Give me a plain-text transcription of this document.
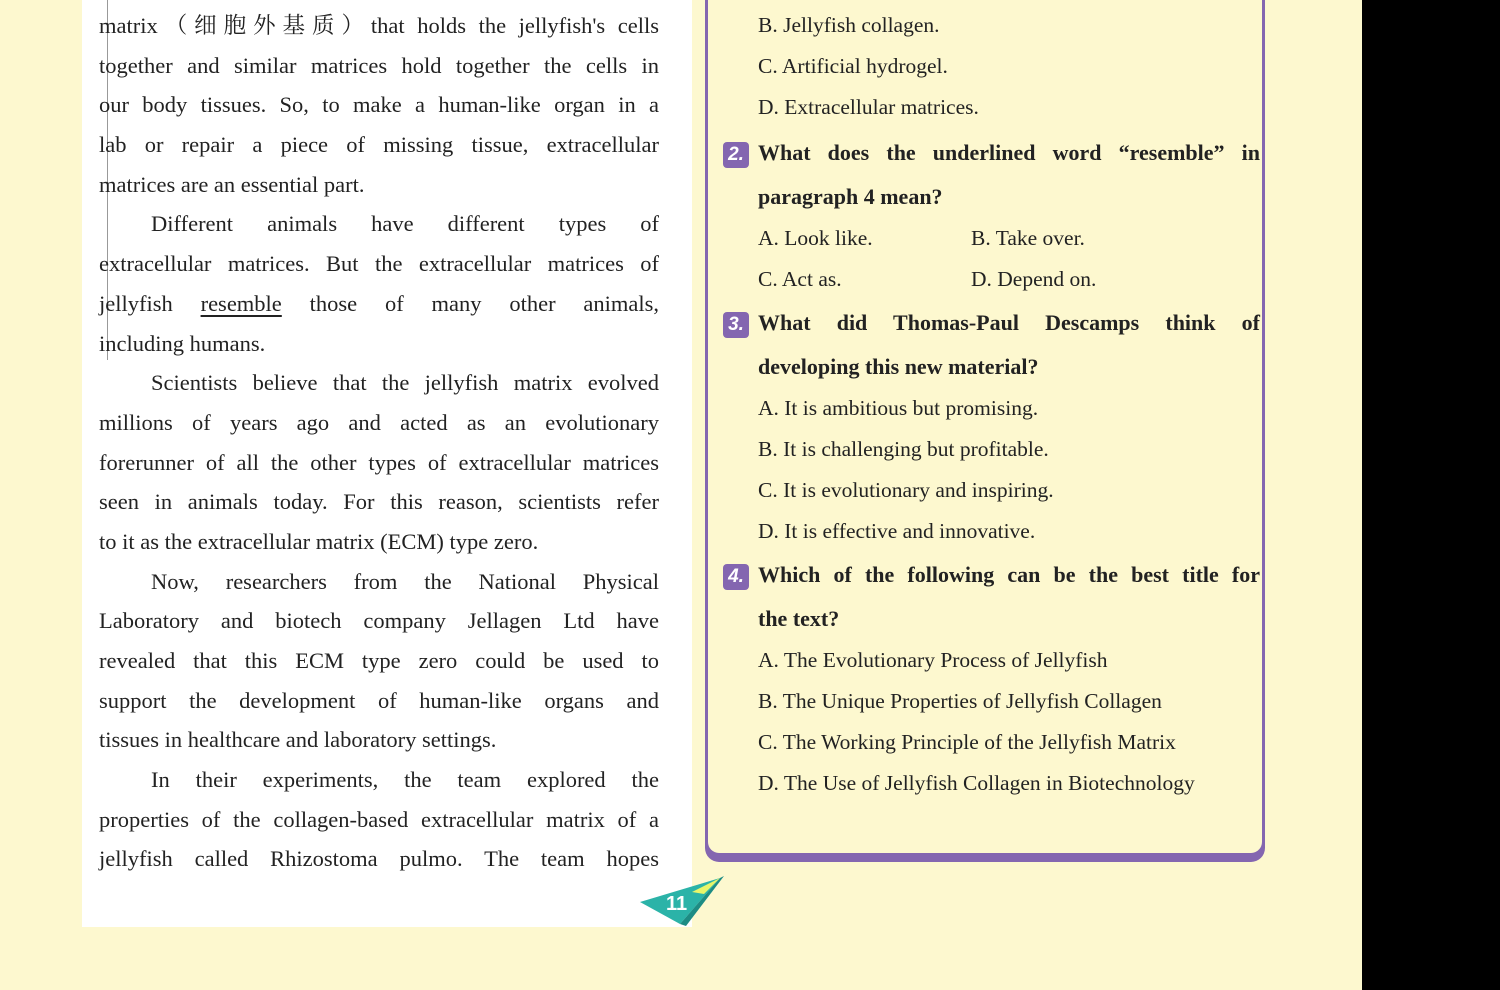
matrix（细胞外基质）that holds the jellyfish's cells
together and similar matrices hold together the cells in
our body tissues. So, to make a human-like organ in a
lab or repair a piece of missing tissue, extracellular
matrices are an essential part.
Different animals have different types of
extracellular matrices. But the extracellular matrices of
jellyfish resemble those of many other animals,
including humans.
Scientists believe that the jellyfish matrix evolved
millions of years ago and acted as an evolutionary
forerunner of all the other types of extracellular matrices
seen in animals today. For this reason, scientists refer
to it as the extracellular matrix (ECM) type zero.
Now, researchers from the National Physical
Laboratory and biotech company Jellagen Ltd have
revealed that this ECM type zero could be used to
support the development of human-like organs and
tissues in healthcare and laboratory settings.
In their experiments, the team explored the
properties of the collagen-based extracellular matrix of a
jellyfish called Rhizostoma pulmo. The team hopes
B. Jellyfish collagen.
C. Artificial hydrogel.
D. Extracellular matrices.
2. What does the underlined word “resemble” in
paragraph 4 mean?
A. Look like.	B. Take over.
C. Act as.	D. Depend on.
3. What did Thomas-Paul Descamps think of
developing this new material?
A. It is ambitious but promising.
B. It is challenging but profitable.
C. It is evolutionary and inspiring.
D. It is effective and innovative.
4. Which of the following can be the best title for
the text?
A. The Evolutionary Process of Jellyfish
B. The Unique Properties of Jellyfish Collagen
C. The Working Principle of the Jellyfish Matrix
D. The Use of Jellyfish Collagen in Biotechnology
11
